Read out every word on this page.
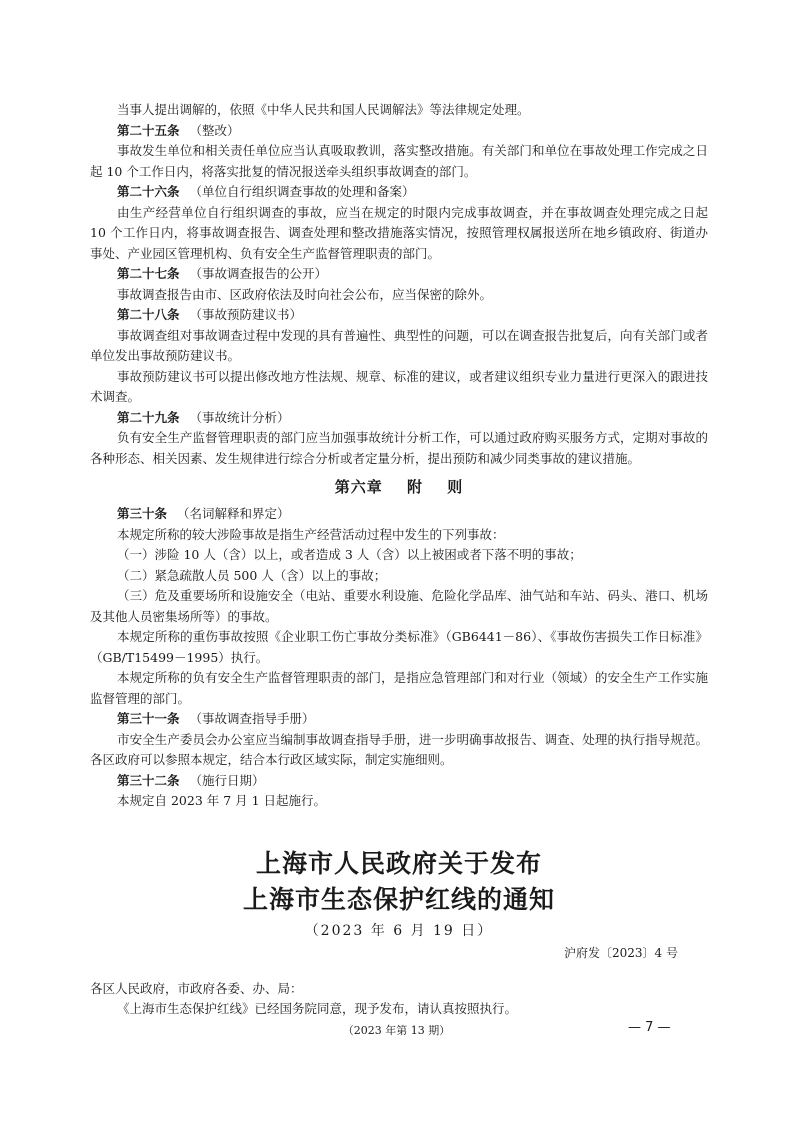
当事人提出调解的，依照《中华人民共和国人民调解法》等法律规定处理。

第二十五条 （整改）

事故发生单位和相关责任单位应当认真吸取教训，落实整改措施。有关部门和单位在事故处理工作完成之日起 10 个工作日内，将落实批复的情况报送牵头组织事故调查的部门。

第二十六条 （单位自行组织调查事故的处理和备案）

由生产经营单位自行组织调查的事故，应当在规定的时限内完成事故调查，并在事故调查处理完成之日起 10 个工作日内，将事故调查报告、调查处理和整改措施落实情况，按照管理权属报送所在地乡镇政府、街道办事处、产业园区管理机构、负有安全生产监督管理职责的部门。

第二十七条 （事故调查报告的公开）

事故调查报告由市、区政府依法及时向社会公布，应当保密的除外。

第二十八条 （事故预防建议书）

事故调查组对事故调查过程中发现的具有普遍性、典型性的问题，可以在调查报告批复后，向有关部门或者单位发出事故预防建议书。

事故预防建议书可以提出修改地方性法规、规章、标准的建议，或者建议组织专业力量进行更深入的跟进技术调查。

第二十九条 （事故统计分析）

负有安全生产监督管理职责的部门应当加强事故统计分析工作，可以通过政府购买服务方式，定期对事故的各种形态、相关因素、发生规律进行综合分析或者定量分析，提出预防和减少同类事故的建议措施。

第六章 附 则

第三十条 （名词解释和界定）

本规定所称的较大涉险事故是指生产经营活动过程中发生的下列事故：

（一）涉险 10 人（含）以上，或者造成 3 人（含）以上被困或者下落不明的事故；

（二）紧急疏散人员 500 人（含）以上的事故；

（三）危及重要场所和设施安全（电站、重要水利设施、危险化学品库、油气站和车站、码头、港口、机场及其他人员密集场所等）的事故。

本规定所称的重伤事故按照《企业职工伤亡事故分类标准》（GB6441－86）、《事故伤害损失工作日标准》（GB/T15499－1995）执行。

本规定所称的负有安全生产监督管理职责的部门，是指应急管理部门和对行业（领域）的安全生产工作实施监督管理的部门。

第三十一条 （事故调查指导手册）

市安全生产委员会办公室应当编制事故调查指导手册，进一步明确事故报告、调查、处理的执行指导规范。各区政府可以参照本规定，结合本行政区域实际，制定实施细则。

第三十二条 （施行日期）

本规定自 2023 年 7 月 1 日起施行。

上海市人民政府关于发布

上海市生态保护红线的通知

（2023 年 6 月 19 日）

沪府发〔2023〕4 号

各区人民政府，市政府各委、办、局：

《上海市生态保护红线》已经国务院同意，现予发布，请认真按照执行。

（2023 年第 13 期）	— 7 —
